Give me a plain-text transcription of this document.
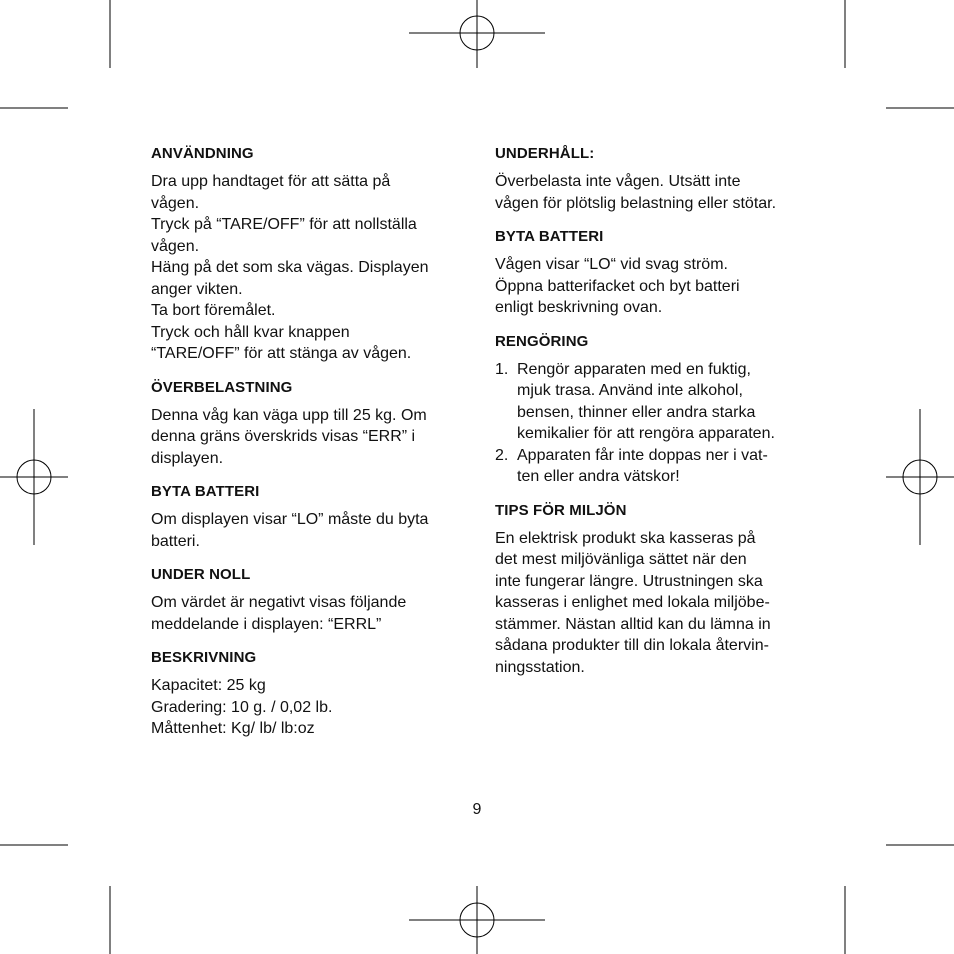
ANVÄNDNING

Dra upp handtaget för att sätta på
vågen.
Tryck på “TARE/OFF” för att nollställa
vågen.
Häng på det som ska vägas. Displayen
anger vikten.
Ta bort föremålet.
Tryck och håll kvar knappen
“TARE/OFF” för att stänga av vågen.

ÖVERBELASTNING

Denna våg kan väga upp till 25 kg. Om
denna gräns överskrids visas “ERR” i
displayen.

BYTA BATTERI

Om displayen visar “LO” måste du byta
batteri.

UNDER NOLL

Om värdet är negativt visas följande
meddelande i displayen: “ERRL”

BESKRIVNING

Kapacitet: 25 kg
Gradering: 10 g. / 0,02 lb.
Måttenhet: Kg/ lb/ lb:oz

UNDERHÅLL:

Överbelasta inte vågen. Utsätt inte
vågen för plötslig belastning eller stötar.

BYTA BATTERI

Vågen visar “LO“ vid svag ström.
Öppna batterifacket och byt batteri
enligt beskrivning ovan.

RENGÖRING
1. Rengör apparaten med en fuktig,
mjuk trasa. Använd inte alkohol,
bensen, thinner eller andra starka
kemikalier för att rengöra apparaten.
2. Apparaten får inte doppas ner i vat-
ten eller andra vätskor!
TIPS FÖR MILJÖN

En elektrisk produkt ska kasseras på
det mest miljövänliga sättet när den
inte fungerar längre. Utrustningen ska
kasseras i enlighet med lokala miljöbe-
stämmer. Nästan alltid kan du lämna in
sådana produkter till din lokala återvin-
ningsstation.

9
